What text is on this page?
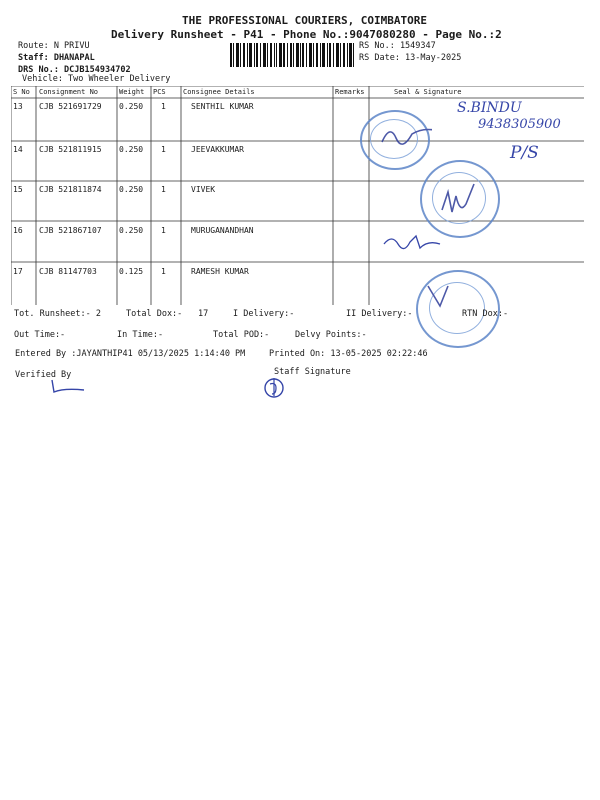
THE PROFESSIONAL COURIERS, COIMBATORE
Delivery Runsheet - P41 - Phone No.:9047080280 - Page No.:2
Route: N PRIVU
Staff: DHANAPAL
DRS No.: DCJB154934702
Vehicle: Two Wheeler Delivery
RS No.: 1549347
RS Date: 13-May-2025
S No Consignment No	Weight PCS Consignee Details	Remarks	Seal & Signature
13 CJB 521691729 0.250 1	SENTHIL KUMAR
14 CJB 521811915 0.250 1	JEEVAKKUMAR
15 CJB 521811874 0.250 1	VIVEK
16 CJB 521867107 0.250 1	MURUGANANDHAN
17 CJB 81147703	0.125 1	RAMESH KUMAR
S.BINDU
9438305900
P/S
Tot. Runsheet:- 2	Total Dox:- 17	I Delivery:-	II Delivery:-	RTN Dox:-
Out Time:-	In Time:-	Total POD:-	Delvy Points:-
Entered By :JAYANTHIP41 05/13/2025 1:14:40 PM	Printed On: 13-05-2025 02:22:46
Verified By	Staff Signature
